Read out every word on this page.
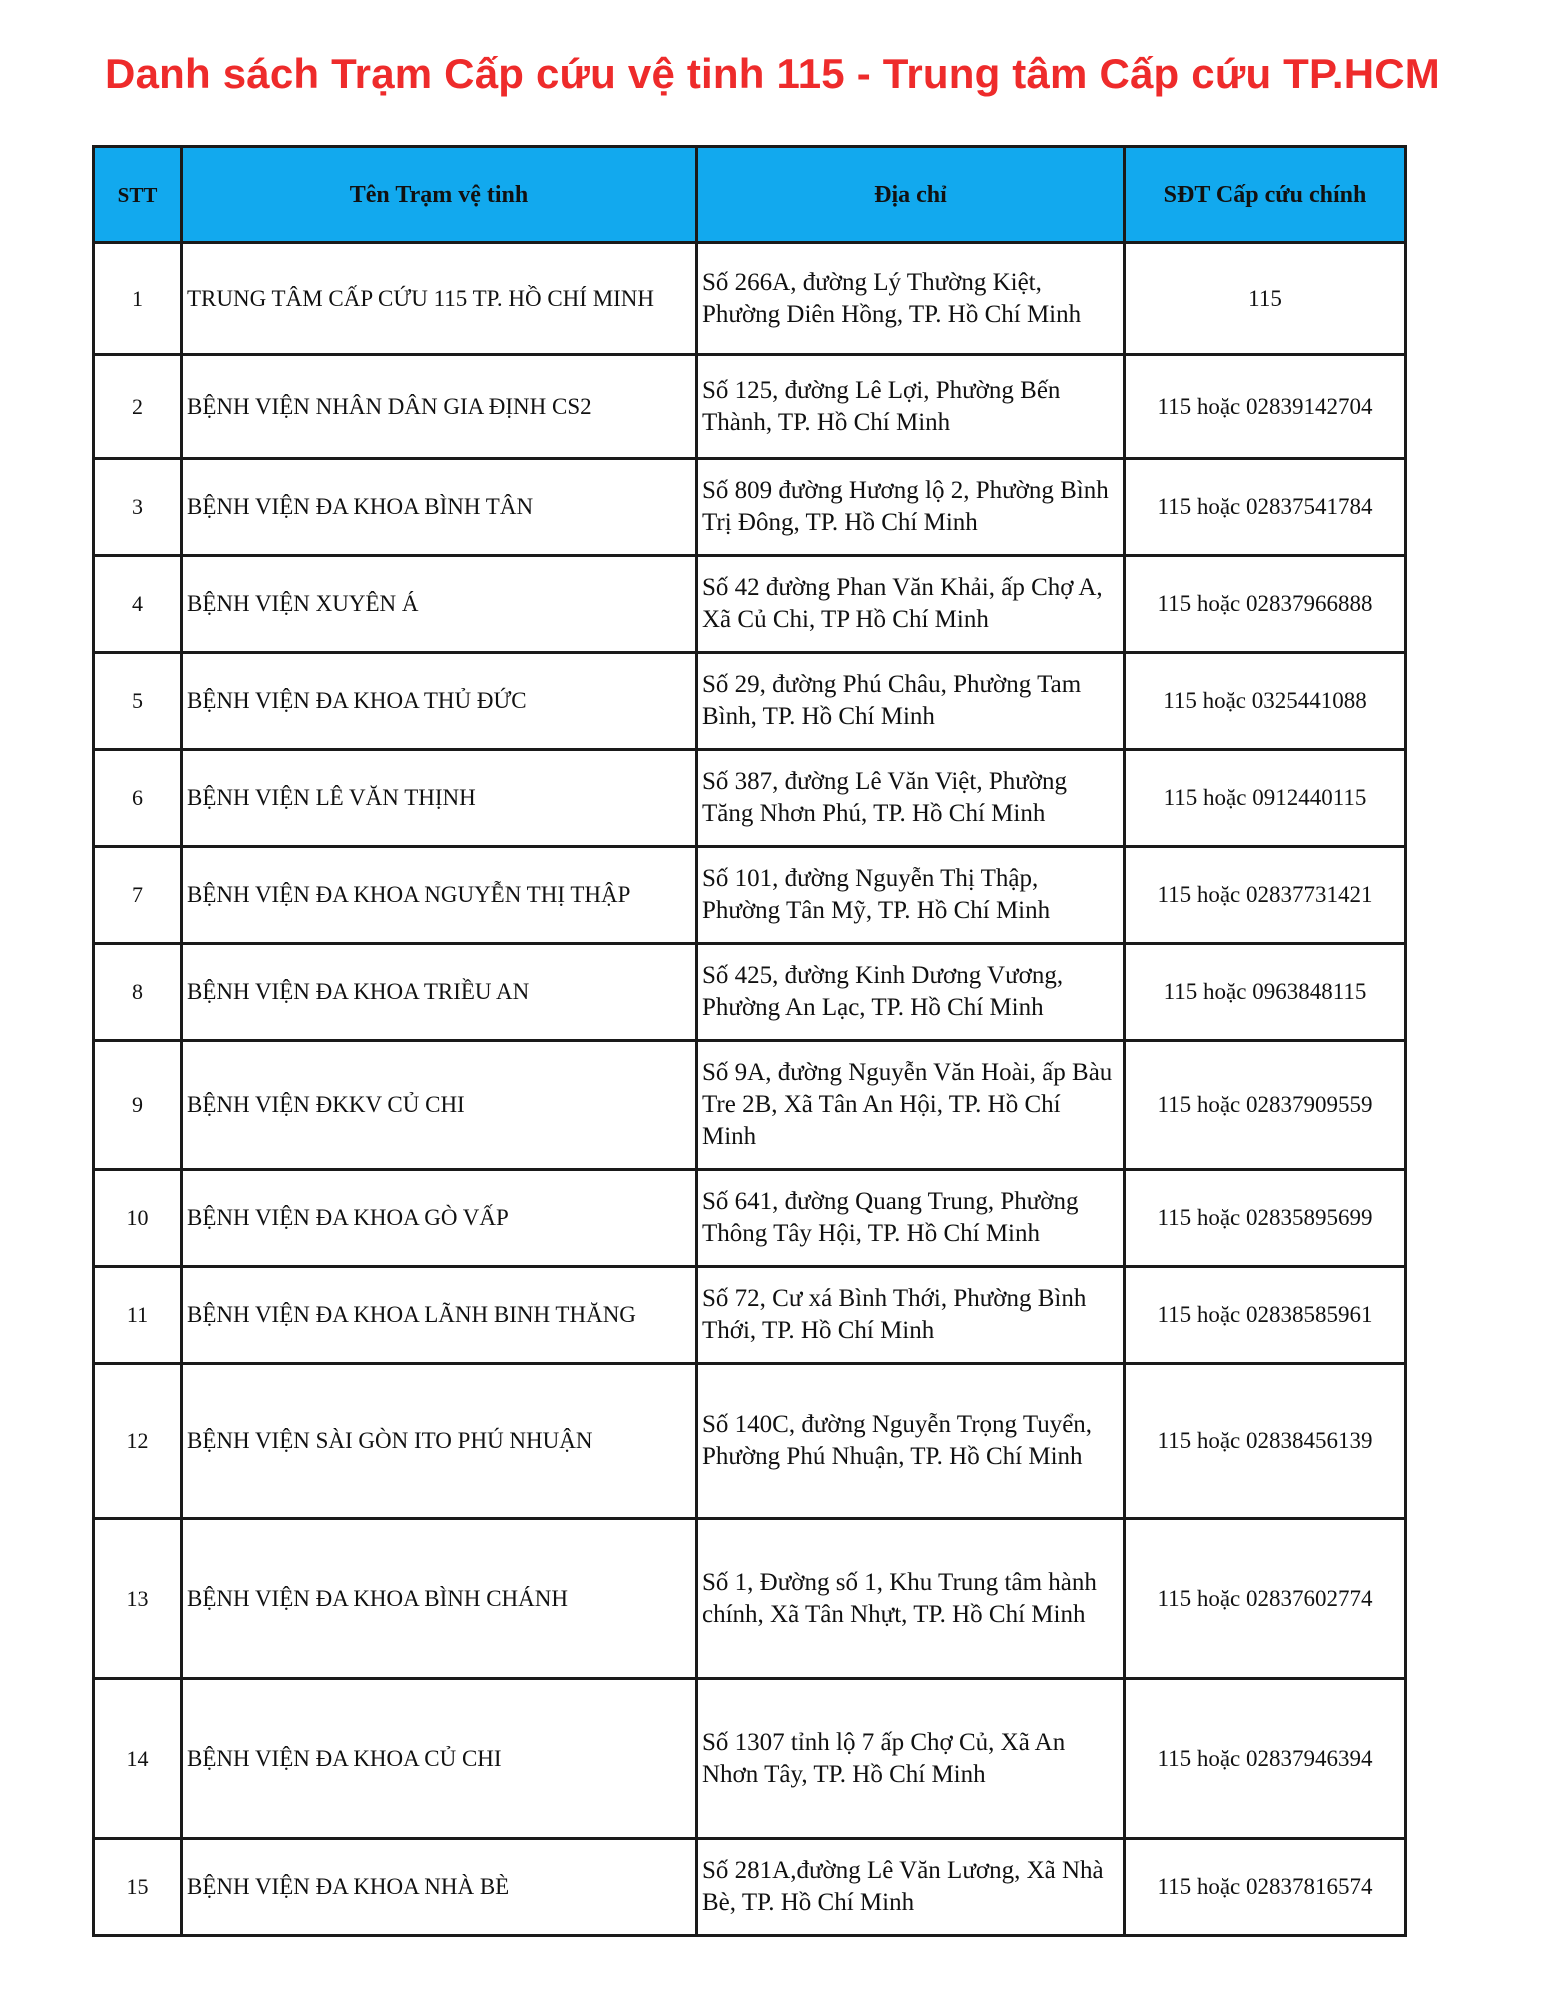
Danh sách Trạm Cấp cứu vệ tinh 115 - Trung tâm Cấp cứu TP.HCM
STT	Tên Trạm vệ tinh	Địa chỉ	SĐT Cấp cứu chính
1	TRUNG TÂM CẤP CỨU 115 TP. HỒ CHÍ MINH	Số 266A, đường Lý Thường Kiệt, Phường Diên Hồng, TP. Hồ Chí Minh	115
2	BỆNH VIỆN NHÂN DÂN GIA ĐỊNH CS2	Số 125, đường Lê Lợi, Phường Bến Thành, TP. Hồ Chí Minh	115 hoặc 02839142704
3	BỆNH VIỆN ĐA KHOA BÌNH TÂN	Số 809 đường Hương lộ 2, Phường Bình Trị Đông, TP. Hồ Chí Minh	115 hoặc 02837541784
4	BỆNH VIỆN XUYÊN Á	Số 42 đường Phan Văn Khải, ấp Chợ A, Xã Củ Chi, TP Hồ Chí Minh	115 hoặc 02837966888
5	BỆNH VIỆN ĐA KHOA THỦ ĐỨC	Số 29, đường Phú Châu, Phường Tam Bình, TP. Hồ Chí Minh	115 hoặc 0325441088
6	BỆNH VIỆN LÊ VĂN THỊNH	Số 387, đường Lê Văn Việt, Phường Tăng Nhơn Phú, TP. Hồ Chí Minh	115 hoặc 0912440115
7	BỆNH VIỆN ĐA KHOA NGUYỄN THỊ THẬP	Số 101, đường Nguyễn Thị Thập, Phường Tân Mỹ, TP. Hồ Chí Minh	115 hoặc 02837731421
8	BỆNH VIỆN ĐA KHOA TRIỀU AN	Số 425, đường Kinh Dương Vương, Phường An Lạc, TP. Hồ Chí Minh	115 hoặc 0963848115
9	BỆNH VIỆN ĐKKV CỦ CHI	Số 9A, đường Nguyễn Văn Hoài, ấp Bàu Tre 2B, Xã Tân An Hội, TP. Hồ Chí Minh	115 hoặc 02837909559
10	BỆNH VIỆN ĐA KHOA GÒ VẤP	Số 641, đường Quang Trung, Phường Thông Tây Hội, TP. Hồ Chí Minh	115 hoặc 02835895699
11	BỆNH VIỆN ĐA KHOA LÃNH BINH THĂNG	Số 72, Cư xá Bình Thới, Phường Bình Thới, TP. Hồ Chí Minh	115 hoặc 02838585961
12	BỆNH VIỆN SÀI GÒN ITO PHÚ NHUẬN	Số 140C, đường Nguyễn Trọng Tuyển, Phường Phú Nhuận, TP. Hồ Chí Minh	115 hoặc 02838456139
13	BỆNH VIỆN ĐA KHOA BÌNH CHÁNH	Số 1, Đường số 1, Khu Trung tâm hành chính, Xã Tân Nhựt, TP. Hồ Chí Minh	115 hoặc 02837602774
14	BỆNH VIỆN ĐA KHOA CỦ CHI	Số 1307 tỉnh lộ 7 ấp Chợ Củ, Xã An Nhơn Tây, TP. Hồ Chí Minh	115 hoặc 02837946394
15	BỆNH VIỆN ĐA KHOA NHÀ BÈ	Số 281A,đường Lê Văn Lương, Xã Nhà Bè, TP. Hồ Chí Minh	115 hoặc 02837816574
